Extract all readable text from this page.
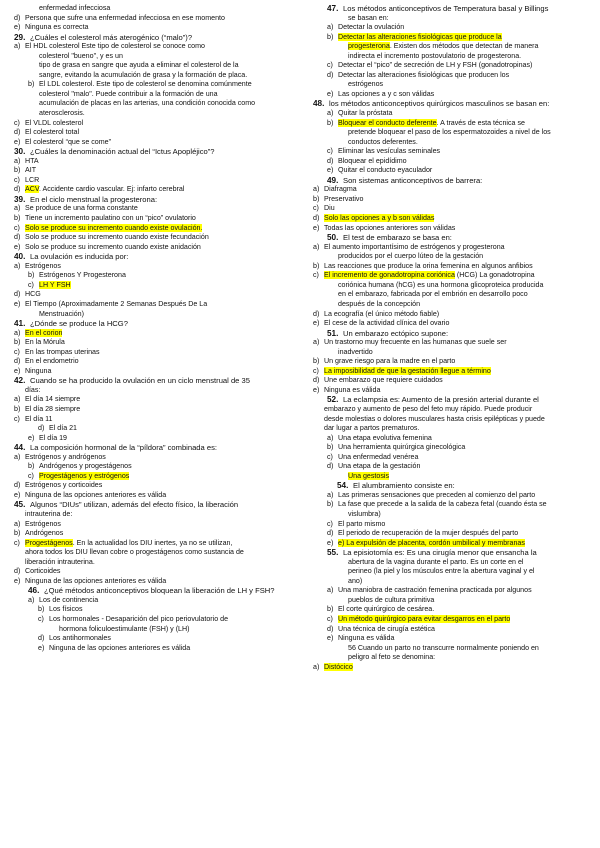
enfermedad infecciosa
d) Persona que sufre una enfermedad infecciosa en ese momento
e) Ninguna es correcta
29. ¿Cuáles el colesterol más aterogénico (“malo”)?
a) El HDL colesterol Este tipo de colesterol se conoce como
colesterol "bueno", y es un
tipo de grasa en sangre que ayuda a eliminar el colesterol de la
sangre, evitando la acumulación de grasa y la formación de placa.
b) El LDL colesterol. Este tipo de colesterol se denomina comúnmente
colesterol "malo". Puede contribuir a la formación de una
acumulación de placas en las arterias, una condición conocida como
aterosclerosis.
c) El VLDL colesterol
d) El colesterol total
e) El colesterol “que se come”
30. ¿Cuáles la denominación actual del “Ictus Apopléjico”?
a) HTA
b) AIT
c) LCR
d) ACV. Accidente cardio vascular. Ej: infarto cerebral
39. En el ciclo menstrual la progesterona:
a) Se produce de una forma constante
b) Tiene un incremento paulatino con un “pico” ovulatorio
c) Solo se produce su incremento cuando existe ovulación.
d) Solo se produce su incremento cuando existe fecundación
e) Solo se produce su incremento cuando existe anidación
40. La ovulación es inducida por:
a) Estrógenos
b) Estrógenos Y Progesterona
c) LH Y FSH
d) HCG
e) El Tiempo (Aproximadamente 2 Semanas Después De La
Menstruación)
41. ¿Dónde se produce la HCG?
a) En el corion
b) En la Mórula
c) En las trompas uterinas
d) En el endometrio
e) Ninguna
42. Cuando se ha producido la ovulación en un ciclo menstrual de 35
días:
a) El día 14 siempre
b) El día 28 siempre
c) El día 11
d) El día 21
e) El día 19
44. La composición hormonal de la “píldora” combinada es:
a) Estrógenos y andrógenos
b) Andrógenos y progestágenos
c) Progestágenos y estrógenos
d) Estrógenos y corticoides
e) Ninguna de las opciones anteriores es válida
45. Algunos “DIUs” utilizan, además del efecto físico, la liberación
intrauterina de:
a) Estrógenos
b) Andrógenos
c) Progestágenos. En la actualidad los DIU inertes, ya no se utilizan,
ahora todos los DIU llevan cobre o progestágenos como sustancia de
liberación intrauterina.
d) Corticoides
e) Ninguna de las opciones anteriores es válida
46. ¿Qué métodos anticonceptivos bloquean la liberación de LH y FSH?
a) Los de continencia
b) Los físicos
c) Los hormonales - Desaparición del pico periovulatorio de
hormona foliculoestimulante (FSH) y (LH)
d) Los antihormonales
e) Ninguna de las opciones anteriores es válida
47. Los métodos anticonceptivos de Temperatura basal y Billings
se basan en:
a) Detectar la ovulación
b) Detectar las alteraciones fisiológicas que produce la
progesterona. Existen dos métodos que detectan de manera
indirecta el incremento postovulatorio de progesterona.
c) Detectar el “pico” de secreción de LH y FSH (gonadotropinas)
d) Detectar las alteraciones fisiológicas que producen los
estrógenos
e) Las opciones a y c son válidas
48. los métodos anticonceptivos quirúrgicos masculinos se basan en:
a) Quitar la próstata
b) Bloquear el conducto deferente. A través de esta técnica se
pretende bloquear el paso de los espermatozoides a nivel de los
conductos deferentes.
c) Eliminar las vesículas seminales
d) Bloquear el epidídimo
e) Quitar el conducto eyaculador
49. Son sistemas anticonceptivos de barrera:
a) Diafragma
b) Preservativo
c) Diu
d) Solo las opciones a y b son válidas
e) Todas las opciones anteriores son válidas
50. El test de embarazo se basa en:
a) El aumento importantísimo de estrógenos y progesterona
producidos por el cuerpo lúteo de la gestación
b) Las reacciones que produce la orina femenina en algunos anfibios
c) El incremento de gonadotropina coriónica (HCG) La gonadotropina
coriónica humana (hCG) es una hormona glicoproteica producida
en el embarazo, fabricada por el embrión en desarrollo poco
después de la concepción
d) La ecografía (el único método fiable)
e) El cese de la actividad clínica del ovario
51. Un embarazo ectópico supone:
a) Un trastorno muy frecuente en las humanas que suele ser
inadvertido
b) Un grave riesgo para la madre en el parto
c) La imposibilidad de que la gestación llegue a término
d) Une embarazo que requiere cuidados
e) Ninguna es válida
52. La eclampsia es: Aumento de la presión arterial durante el
embarazo y aumento de peso del feto muy rápido. Puede producir
desde molestias o dolores musculares hasta crisis epilépticas y puede
dar lugar a partos prematuros.
a) Una etapa evolutiva femenina
b) Una herramienta quirúrgica ginecológica
c) Una enfermedad venérea
d) Una etapa de la gestación
Una gestosis
54. El alumbramiento consiste en:
a) Las primeras sensaciones que preceden al comienzo del parto
b) La fase que precede a la salida de la cabeza fetal (cuando ésta se
vislumbra)
c) El parto mismo
d) El periodo de recuperación de la mujer después del parto
e) e) La expulsión de placenta, cordón umbilical y membranas
55. La episiotomía es: Es una cirugía menor que ensancha la
abertura de la vagina durante el parto. Es un corte en el
perineo (la piel y los músculos entre la abertura vaginal y el
ano)
a) Una maniobra de castración femenina practicada por algunos
pueblos de cultura primitiva
b) El corte quirúrgico de cesárea.
c) Un método quirúrgico para evitar desgarros en el parto
d) Una técnica de cirugía estética
e) Ninguna es válida
56 Cuando un parto no transcurre normalmente poniendo en
peligro al feto se denomina:
a) Distócico
